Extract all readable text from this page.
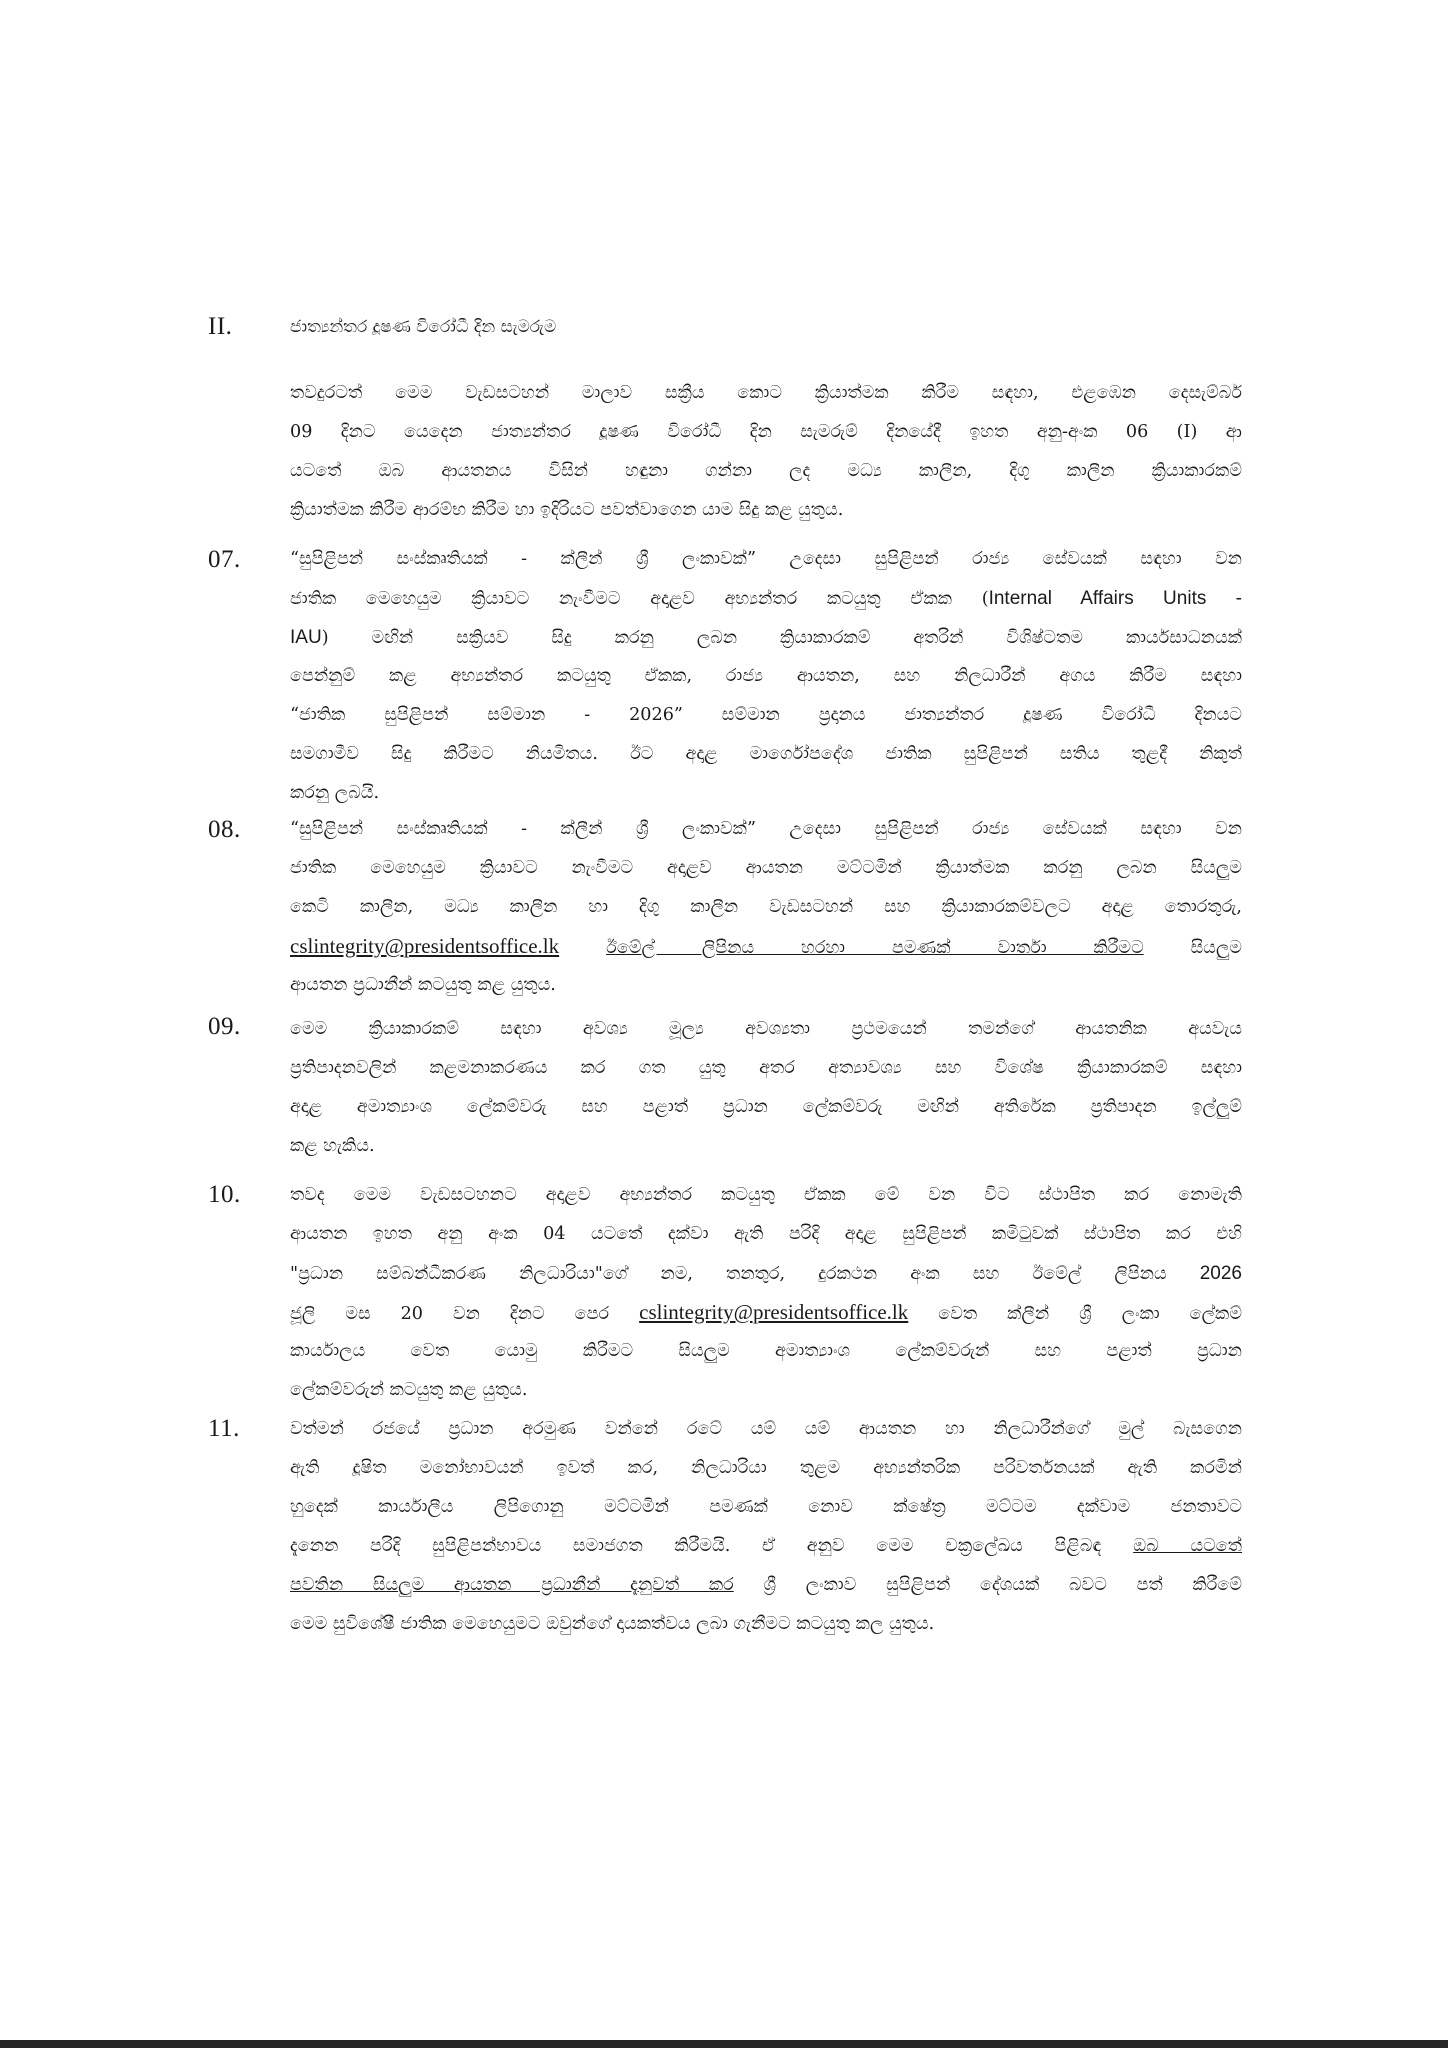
II.	ජාත්‍යන්තර දූෂණ විරෝධී දින සැමරුම
තවදුරටත් මෙම වැඩසටහන් මාලාව සක්‍රීය කොට ක්‍රියාත්මක කිරීම සඳහා, එළඹෙන දෙසැම්බර්
09 දිනට යෙදෙන ජාත්‍යන්තර දූෂණ විරෝධී දින සැමරුම් දිනයේදී ඉහත අනු-අංක 06 (I) ආ
යටතේ ඔබ ආයතනය විසින් හඳුනා ගන්නා ලද මධ්‍ය කාලීන, දිගු කාලීන ක්‍රියාකාරකම්
ක්‍රියාත්මක කිරීම ආරම්භ කිරීම හා ඉදිරියට පවත්වාගෙන යාම සිදු කළ යුතුය.
07.	“සුපිළිපන් සංස්කෘතියක් - ක්ලීන් ශ්‍රී ලංකාවක්” උදෙසා සුපිළිපන් රාජ්‍ය සේවයක් සඳහා වන
ජාතික මෙහෙයුම ක්‍රියාවට නැංවීමට අදාළව අභ්‍යන්තර කටයුතු ඒකක (Internal Affairs Units -
IAU) මඟින් සක්‍රියව සිදු කරනු ලබන ක්‍රියාකාරකම් අතරින් විශිෂ්ටතම කාර්යසාධනයක්
පෙන්නුම් කළ අභ්‍යන්තර කටයුතු ඒකක, රාජ්‍ය ආයතන, සහ නිලධාරීන් අගය කිරීම සඳහා
“ජාතික සුපිළිපන් සම්මාන - 2026” සම්මාන ප්‍රදානය ජාත්‍යන්තර දූෂණ විරෝධී දිනයට
සමගාමීව සිදු කිරීමට නියමිතය. ඊට අදාළ මාර්ගෝපදේශ ජාතික සුපිළිපන් සතිය තුළදී නිකුත්
කරනු ලබයි.
08.	“සුපිළිපන් සංස්කෘතියක් - ක්ලීන් ශ්‍රී ලංකාවක්” උදෙසා සුපිළිපන් රාජ්‍ය සේවයක් සඳහා වන
ජාතික මෙහෙයුම ක්‍රියාවට නැංවීමට අදාළව ආයතන මට්ටමින් ක්‍රියාත්මක කරනු ලබන සියලුම
කෙටි කාලීන, මධ්‍ය කාලීන හා දිගු කාලීන වැඩසටහන් සහ ක්‍රියාකාරකම්වලට අදාළ තොරතුරු,
cslintegrity@presidentsoffice.lk	ඊමේල් ලිපිනය හරහා පමණක් වාර්තා කිරීමට	සියලුම
ආයතන ප්‍රධානීන් කටයුතු කළ යුතුය.
09.	මෙම ක්‍රියාකාරකම් සඳහා අවශ්‍ය මූල්‍ය අවශ්‍යතා ප්‍රථමයෙන් තමන්ගේ ආයතනික අයවැය
ප්‍රතිපාදනවලින් කළමනාකරණය කර ගත යුතු අතර අත්‍යාවශ්‍ය සහ විශේෂ ක්‍රියාකාරකම් සඳහා
අදාළ අමාත්‍යාංශ ලේකම්වරු සහ පළාත් ප්‍රධාන ලේකම්වරු මඟින් අතිරේක ප්‍රතිපාදන ඉල්ලුම්
කළ හැකිය.
10.	තවද මෙම වැඩසටහනට අදාළව අභ්‍යන්තර කටයුතු ඒකක මේ වන විට ස්ථාපිත කර නොමැති
ආයතන ඉහත අනු අංක 04 යටතේ දක්වා ඇති පරිදි අදාළ සුපිළිපන් කමිටුවක් ස්ථාපිත කර එහි
"ප්‍රධාන සම්බන්ධීකරණ නිලධාරියා"ගේ නම, තනතුර, දුරකථන අංක සහ ඊමේල් ලිපිනය 2026
ජූලි මස 20 වන දිනට පෙර cslintegrity@presidentsoffice.lk වෙත ක්ලීන් ශ්‍රී ලංකා ලේකම්
කාර්යාලය වෙත යොමු කිරීමට සියලුම අමාත්‍යාංශ ලේකම්වරුන් සහ පළාත් ප්‍රධාන
ලේකම්වරුන් කටයුතු කළ යුතුය.
11.	වත්මන් රජයේ ප්‍රධාන අරමුණ වන්නේ රටේ යම් යම් ආයතන හා නිලධාරීන්ගේ මුල් බැසගෙන
ඇති දූෂිත මනෝභාවයන් ඉවත් කර, නිලධාරියා තුළම අභ්‍යන්තරික පරිවර්තනයක් ඇති කරමින්
හුදෙක් කාර්යාලීය ලිපිගොනු මට්ටමින් පමණක් නොව ක්ෂේත්‍ර මට්ටම දක්වාම ජනතාවට
දැනෙන පරිදි සුපිළිපන්භාවය සමාජගත කිරීමයි. ඒ අනුව මෙම චක්‍රලේඛය පිළිබඳ ඔබ යටතේ
පවතින සියලුම ආයතන ප්‍රධානීන් දැනුවත් කර ශ්‍රී ලංකාව සුපිළිපන් දේශයක් බවට පත් කිරීමේ
මෙම සුවිශේෂී ජාතික මෙහෙයුමට ඔවුන්ගේ දායකත්වය ලබා ගැනීමට කටයුතු කල යුතුය.
